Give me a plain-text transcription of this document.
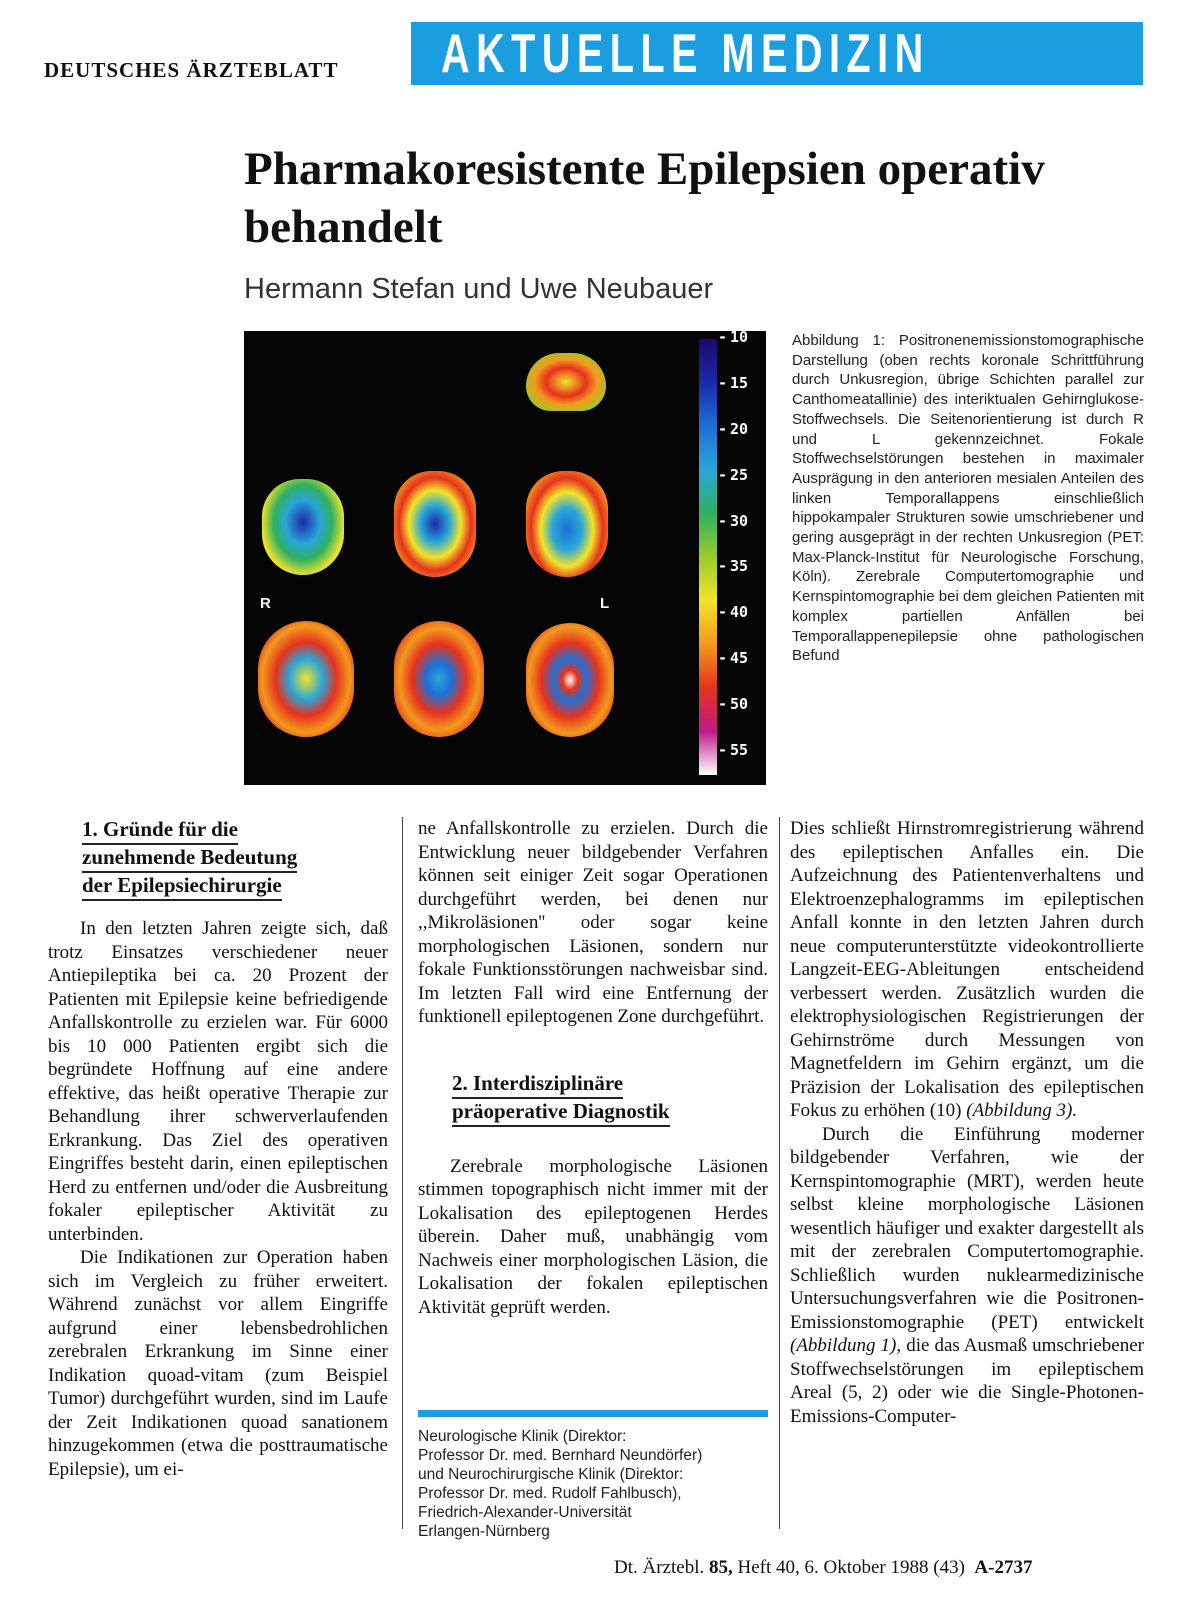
DEUTSCHES ÄRZTEBLATT AKTUELLE MEDIZIN
Pharmakoresistente Epilepsien operativ behandelt
Hermann Stefan und Uwe Neubauer
R	L
- 10
- 15
- 20
- 25
- 30
- 35
- 40
- 45
- 50
- 55
Abbildung 1: Positronenemissionstomographische Darstellung (oben rechts koronale Schrittführung durch Unkusregion, übrige Schichten parallel zur Canthomeatallinie) des interiktualen Gehirnglukose-Stoffwechsels. Die Seitenorientierung ist durch R und L gekennzeichnet. Fokale Stoffwechselstörungen bestehen in maximaler Ausprägung in den anterioren mesialen Anteilen des linken Temporallappens einschließlich hippokampaler Strukturen sowie umschriebener und gering ausgeprägt in der rechten Unkusregion (PET: Max-Planck-Institut für Neurologische Forschung, Köln). Zerebrale Computertomographie und Kernspintomographie bei dem gleichen Patienten mit komplex partiellen Anfällen bei Temporallappenepilepsie ohne pathologischen Befund
1. Gründe für die
zunehmende Bedeutung
der Epilepsiechirurgie

In den letzten Jahren zeigte sich, daß trotz Einsatzes verschiedener neuer Antiepileptika bei ca. 20 Prozent der Patienten mit Epilepsie keine befriedigende Anfallskontrolle zu erzielen war. Für 6000 bis 10 000 Patienten ergibt sich die begründete Hoffnung auf eine andere effektive, das heißt operative Therapie zur Behandlung ihrer schwerverlaufenden Erkrankung. Das Ziel des operativen Eingriffes besteht darin, einen epileptischen Herd zu entfernen und/oder die Ausbreitung fokaler epileptischer Aktivität zu unterbinden.

Die Indikationen zur Operation haben sich im Vergleich zu früher erweitert. Während zunächst vor allem Eingriffe aufgrund einer lebensbedrohlichen zerebralen Erkrankung im Sinne einer Indikation quoad-vitam (zum Beispiel Tumor) durchgeführt wurden, sind im Laufe der Zeit Indikationen quoad sanationem hinzugekommen (etwa die posttraumatische Epilepsie), um ei-

ne Anfallskontrolle zu erzielen. Durch die Entwicklung neuer bildgebender Verfahren können seit einiger Zeit sogar Operationen durchgeführt werden, bei denen nur ,,Mikroläsionen'' oder sogar keine morphologischen Läsionen, sondern nur fokale Funktionsstörungen nachweisbar sind. Im letzten Fall wird eine Entfernung der funktionell epileptogenen Zone durchgeführt.

2. Interdisziplinäre
präoperative Diagnostik

Zerebrale morphologische Läsionen stimmen topographisch nicht immer mit der Lokalisation des epileptogenen Herdes überein. Daher muß, unabhängig vom Nachweis einer morphologischen Läsion, die Lokalisation der fokalen epileptischen Aktivität geprüft werden.

Neurologische Klinik (Direktor:
Professor Dr. med. Bernhard Neundörfer)
und Neurochirurgische Klinik (Direktor:
Professor Dr. med. Rudolf Fahlbusch),
Friedrich-Alexander-Universität
Erlangen-Nürnberg

Dies schließt Hirnstromregistrierung während des epileptischen Anfalles ein. Die Aufzeichnung des Patientenverhaltens und Elektroenzephalogramms im epileptischen Anfall konnte in den letzten Jahren durch neue computerunterstützte videokontrollierte Langzeit-EEG-Ableitungen entscheidend verbessert werden. Zusätzlich wurden die elektrophysiologischen Registrierungen der Gehirnströme durch Messungen von Magnetfeldern im Gehirn ergänzt, um die Präzision der Lokalisation des epileptischen Fokus zu erhöhen (10) (Abbildung 3).

Durch die Einführung moderner bildgebender Verfahren, wie der Kernspintomographie (MRT), werden heute selbst kleine morphologische Läsionen wesentlich häufiger und exakter dargestellt als mit der zerebralen Computertomographie. Schließlich wurden nuklearmedizinische Untersuchungsverfahren wie die Positronen-Emissionstomographie (PET) entwickelt (Abbildung 1), die das Ausmaß umschriebener Stoffwechselstörungen im epileptischem Areal (5, 2) oder wie die Single-Photonen-Emissions-Computer-

Dt. Ärztebl. 85, Heft 40, 6. Oktober 1988 (43) A-2737
